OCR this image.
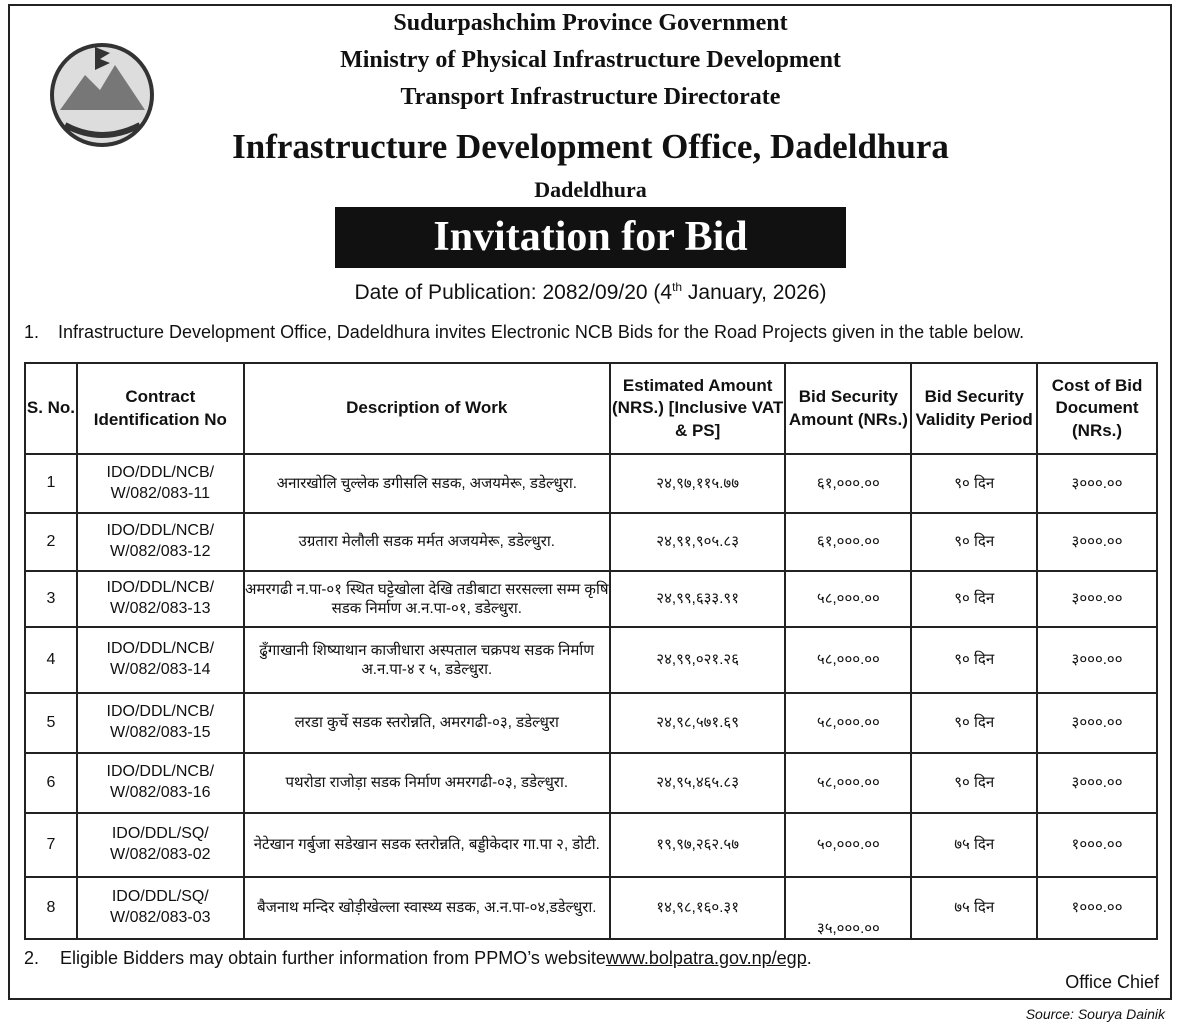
Sudurpashchim Province Government
Ministry of Physical Infrastructure Development
Transport Infrastructure Directorate
Infrastructure Development Office, Dadeldhura
Dadeldhura
Invitation for Bid
Date of Publication: 2082/09/20 (4th January, 2026)
1. Infrastructure Development Office, Dadeldhura invites Electronic NCB Bids for the Road Projects given in the table below.
S. No.	Contract Identification No	Description of Work	Estimated Amount (NRS.) [Inclusive VAT & PS]	Bid Security Amount (NRs.)	Bid Security Validity Period	Cost of Bid Document (NRs.)
1	IDO/DDL/NCB/ W/082/083-11	अनारखोलि चुल्लेक डगीसलि सडक, अजयमेरू, डडेल्धुरा.	२४,९७,११५.७७	६१,०००.००	९० दिन	३०००.००
2	IDO/DDL/NCB/ W/082/083-12	उग्रतारा मेलौली सडक मर्मत अजयमेरू, डडेल्धुरा.	२४,९१,९०५.८३	६१,०००.००	९० दिन	३०००.००
3	IDO/DDL/NCB/ W/082/083-13	अमरगढी न.पा-०१ स्थित घट्टेखोला देखि तडीबाटा सरसल्ला सम्म कृषि सडक निर्माण अ.न.पा-०१, डडेल्धुरा.	२४,९९,६३३.९१	५८,०००.००	९० दिन	३०००.००
4	IDO/DDL/NCB/ W/082/083-14	ढुँगाखानी शिष्याथान काजीधारा अस्पताल चक्रपथ सडक निर्माण अ.न.पा-४ र ५, डडेल्धुरा.	२४,९९,०२१.२६	५८,०००.००	९० दिन	३०००.००
5	IDO/DDL/NCB/ W/082/083-15	लरडा कुर्चे सडक स्तरोन्नति, अमरगढी-०३, डडेल्धुरा	२४,९८,५७१.६९	५८,०००.००	९० दिन	३०००.००
6	IDO/DDL/NCB/ W/082/083-16	पथरोडा राजोड़ा सडक निर्माण अमरगढी-०३, डडेल्धुरा.	२४,९५,४६५.८३	५८,०००.००	९० दिन	३०००.००
7	IDO/DDL/SQ/ W/082/083-02	नेटेखान गर्बुजा सडेखान सडक स्तरोन्नति, बड्डीकेदार गा.पा २, डोटी.	१९,९७,२६२.५७	५०,०००.००	७५ दिन	१०००.००
8	IDO/DDL/SQ/ W/082/083-03	बैजनाथ मन्दिर खोड़ीखेल्ला स्वास्थ्य सडक, अ.न.पा-०४,डडेल्धुरा.	१४,९८,१६०.३१	३५,०००.००	७५ दिन	१०००.००
2. Eligible Bidders may obtain further information from PPMO’s websitewww.bolpatra.gov.np/egp.
Office Chief
Source: Sourya Dainik
